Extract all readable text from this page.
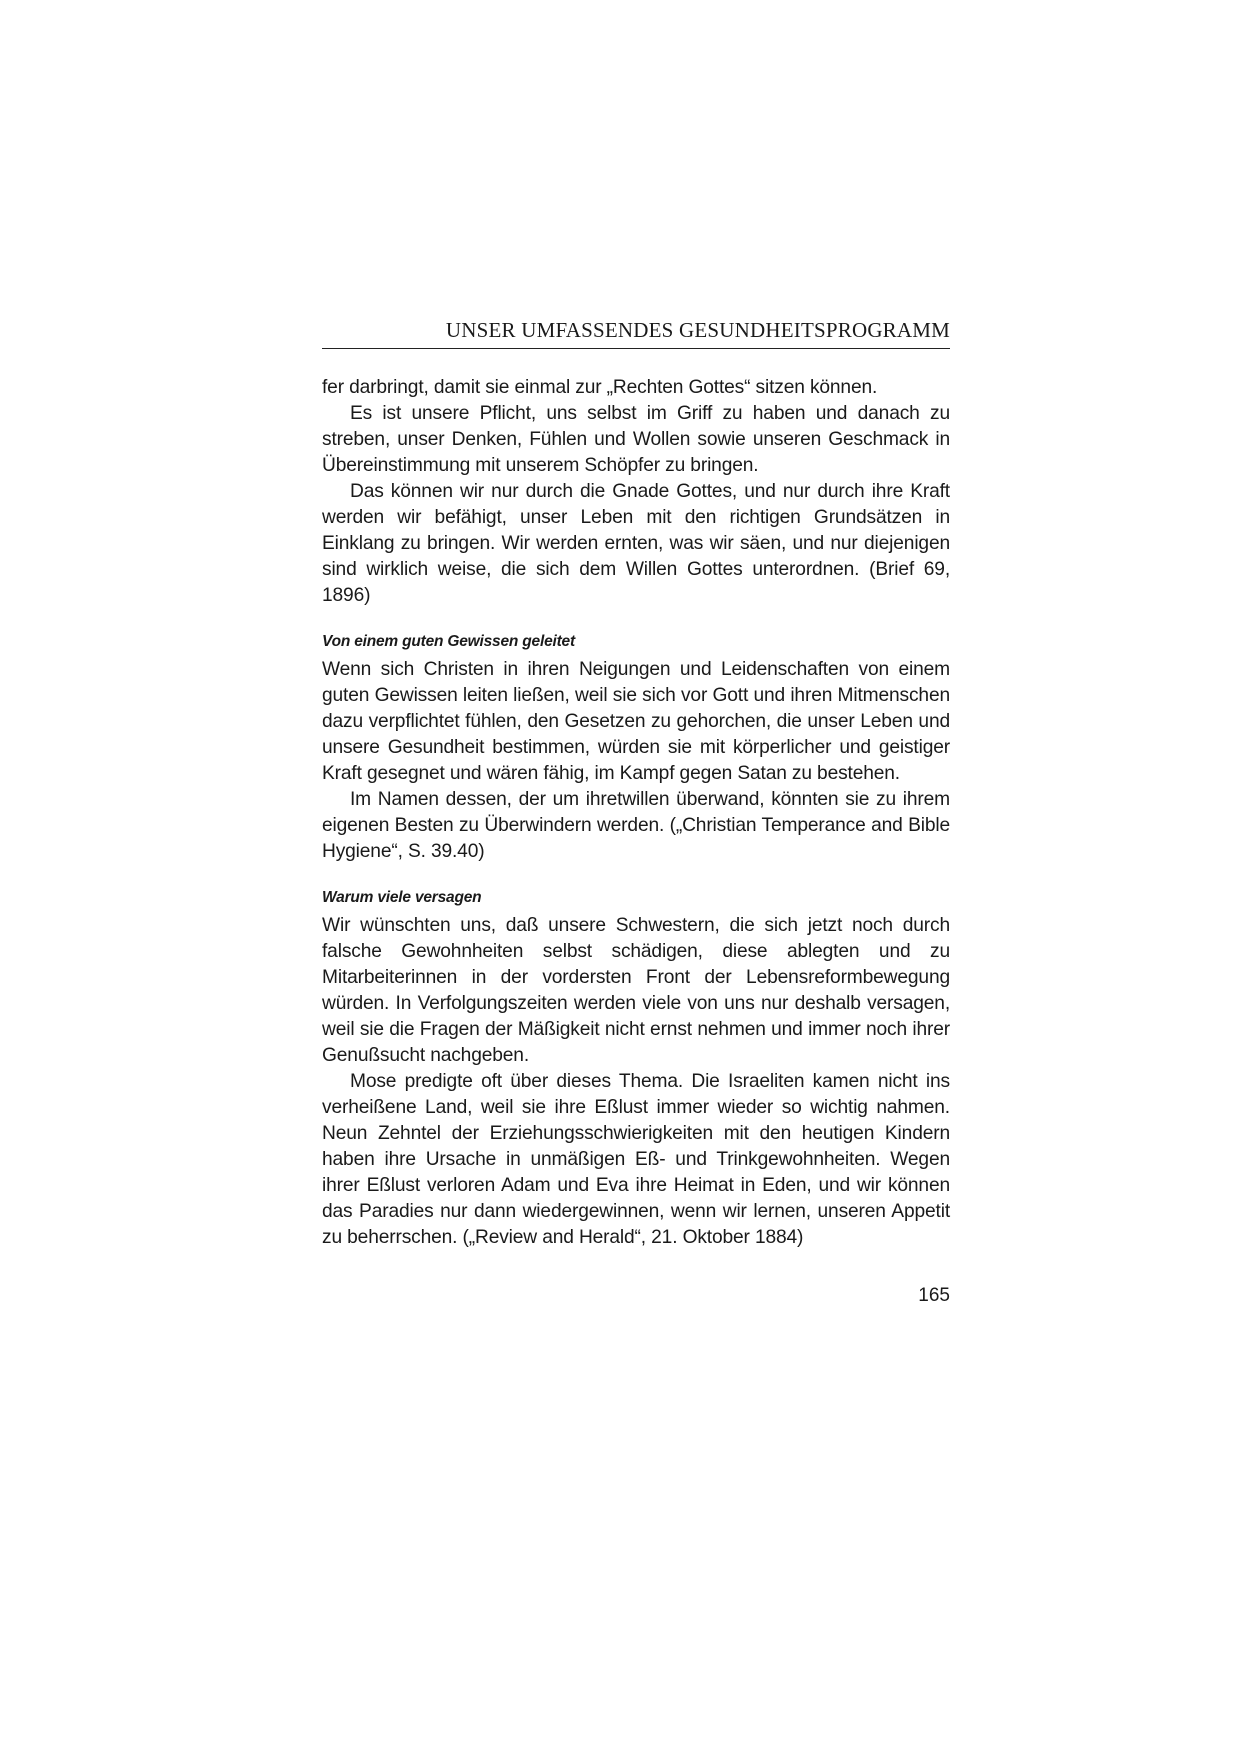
UNSER UMFASSENDES GESUNDHEITSPROGRAMM

fer darbringt, damit sie einmal zur „Rechten Gottes“ sitzen können.

Es ist unsere Pflicht, uns selbst im Griff zu haben und danach zu streben, unser Denken, Fühlen und Wollen sowie unseren Geschmack in Übereinstimmung mit unserem Schöpfer zu bringen.

Das können wir nur durch die Gnade Gottes, und nur durch ihre Kraft werden wir befähigt, unser Leben mit den richtigen Grundsätzen in Einklang zu bringen. Wir werden ernten, was wir säen, und nur diejenigen sind wirklich weise, die sich dem Willen Gottes unterordnen. (Brief 69, 1896)

Von einem guten Gewissen geleitet

Wenn sich Christen in ihren Neigungen und Leidenschaften von einem guten Gewissen leiten ließen, weil sie sich vor Gott und ihren Mitmenschen dazu verpflichtet fühlen, den Gesetzen zu gehorchen, die unser Leben und unsere Gesundheit bestimmen, würden sie mit körperlicher und geistiger Kraft gesegnet und wären fähig, im Kampf gegen Satan zu bestehen.

Im Namen dessen, der um ihretwillen überwand, könnten sie zu ihrem eigenen Besten zu Überwindern werden. („Christian Temperance and Bible Hygiene“, S. 39.40)

Warum viele versagen

Wir wünschten uns, daß unsere Schwestern, die sich jetzt noch durch falsche Gewohnheiten selbst schädigen, diese ablegten und zu Mitarbeiterinnen in der vordersten Front der Lebensreformbewegung würden. In Verfolgungszeiten werden viele von uns nur deshalb versagen, weil sie die Fragen der Mäßigkeit nicht ernst nehmen und immer noch ihrer Genußsucht nachgeben.

Mose predigte oft über dieses Thema. Die Israeliten kamen nicht ins verheißene Land, weil sie ihre Eßlust immer wieder so wichtig nahmen. Neun Zehntel der Erziehungsschwierigkeiten mit den heutigen Kindern haben ihre Ursache in unmäßigen Eß- und Trinkgewohnheiten. Wegen ihrer Eßlust verloren Adam und Eva ihre Heimat in Eden, und wir können das Paradies nur dann wiedergewinnen, wenn wir lernen, unseren Appetit zu beherrschen. („Review and Herald“, 21. Oktober 1884)

165
